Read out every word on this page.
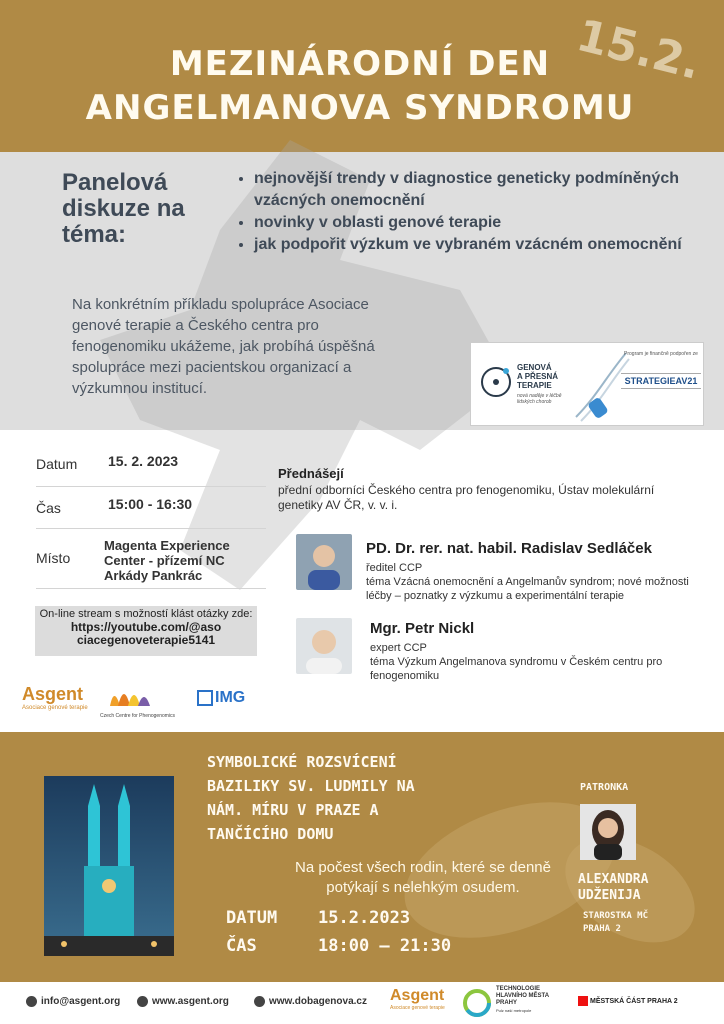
MEZINÁRODNÍ DEN
ANGELMANOVA SYNDROMU
15.2.
Panelová diskuze na téma:
• nejnovější trendy v diagnostice geneticky podmíněných vzácných onemocnění
• novinky v oblasti genové terapie
• jak podpořit výzkum ve vybraném vzácném onemocnění
Na konkrétním příkladu spolupráce Asociace genové terapie a Českého centra pro fenogenomiku ukážeme, jak probíhá úspěšná spolupráce mezi pacientskou organizací a výzkumnou institucí.
GENOVÁ
A PŘESNÁ
TERAPIE
nová naděje v léčbě lidských chorob
Program je finančně podpořen ze
STRATEGIEAV21
Datum 15. 2. 2023
Čas	15:00 - 16:30
Místo
Magenta Experience Center - přízemí NC Arkády Pankrác
On-line stream s možností klást otázky zde:
https://youtube.com/@aso
ciacegenoveterapie5141
Přednášejí
přední odborníci Českého centra pro fenogenomiku, Ústav molekulární genetiky AV ČR, v. v. i.
PD. Dr. rer. nat. habil. Radislav Sedláček
ředitel CCP
téma Vzácná onemocnění a Angelmanův syndrom; nové možnosti léčby – poznatky z výzkumu a experimentální terapie
Mgr. Petr Nickl
expert CCP
téma Výzkum Angelmanova syndromu v Českém centru pro fenogenomiku
Asgent
Asociace genové terapie
Czech Centre for Phenogenomics
IMG
SYMBOLICKÉ ROZSVÍCENÍ BAZILIKY SV. LUDMILY NA NÁM. MÍRU V PRAZE A TANČÍCÍHO DOMU
Na počest všech rodin, které se denně potýkají s nelehkým osudem.
DATUM 15.2.2023
ČAS	18:00 – 21:30
PATRONKA
ALEXANDRA
UDŽENIJA
STAROSTKA MČ
PRAHA 2
info@asgent.org	www.asgent.org	www.dobagenova.cz Asgent
Asociace genové terapie
TECHNOLOGIE
HLAVNÍHO MĚSTA
PRAHY
Pulz naší metropole
MĚSTSKÁ ČÁST PRAHA 2
